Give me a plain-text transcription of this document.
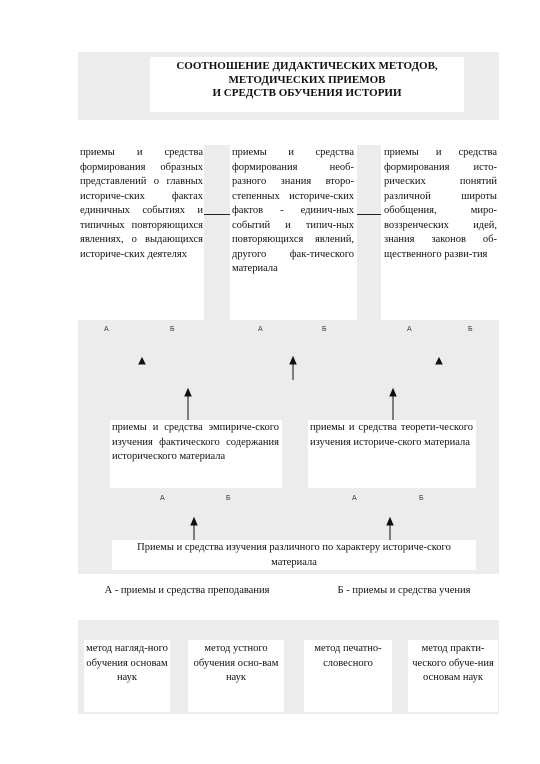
СООТНОШЕНИЕ ДИДАКТИЧЕСКИХ МЕТОДОВ,
МЕТОДИЧЕСКИХ ПРИЕМОВ
И СРЕДСТВ ОБУЧЕНИЯ ИСТОРИИ
приемы и средства формирования образных представлений о главных историче-ских фактах единичных событиях и типичных повторяющихся явлениях, о выдающихся историче-ских деятелях
приемы и средства формирования необ-разного знания второ-степенных историче-ских фактов - единич-ных событий и типич-ных повторяющихся явлений, другого фак-тического материала
приемы и средства формирования исто-рических понятий различной широты обобщения, миро-воззренческих идей, знания законов об-щественного разви-тия
А	Б	А	Б	А	Б
приемы и средства эмпириче-ского изучения фактического содержания исторического материала
приемы и средства теорети-ческого изучения историче-ского материала
А	Б	А	Б
Приемы и средства изучения различного по характеру историче-ского материала
А - приемы и средства преподавания	Б - приемы и средства учения
метод нагляд-ного обучения основам наук
метод устного обучения осно-вам наук
метод печатно-словесного
метод практи-ческого обуче-ния основам наук
